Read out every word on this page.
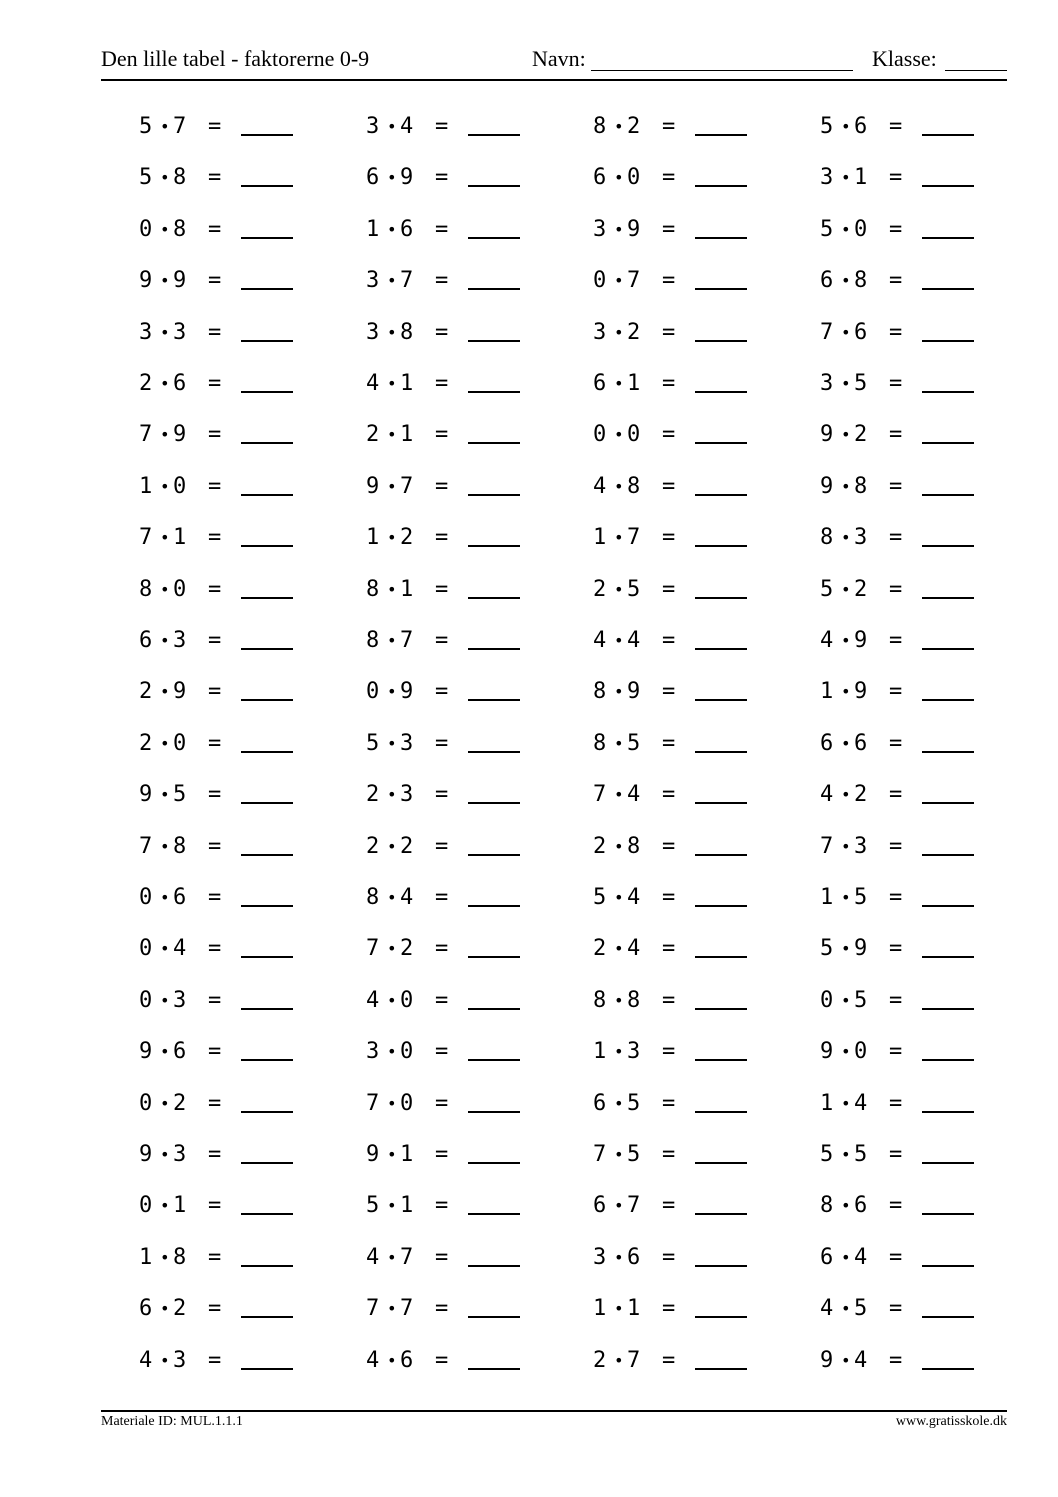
Den lille tabel - faktorerne 0-9	Navn:	Klasse:
5 • 7 =	3 • 4 =	8 • 2 =	5 • 6 =
5 • 8 =	6 • 9 =	6 • 0 =	3 • 1 =
0 • 8 =	1 • 6 =	3 • 9 =	5 • 0 =
9 • 9 =	3 • 7 =	0 • 7 =	6 • 8 =
3 • 3 =	3 • 8 =	3 • 2 =	7 • 6 =
2 • 6 =	4 • 1 =	6 • 1 =	3 • 5 =
7 • 9 =	2 • 1 =	0 • 0 =	9 • 2 =
1 • 0 =	9 • 7 =	4 • 8 =	9 • 8 =
7 • 1 =	1 • 2 =	1 • 7 =	8 • 3 =
8 • 0 =	8 • 1 =	2 • 5 =	5 • 2 =
6 • 3 =	8 • 7 =	4 • 4 =	4 • 9 =
2 • 9 =	0 • 9 =	8 • 9 =	1 • 9 =
2 • 0 =	5 • 3 =	8 • 5 =	6 • 6 =
9 • 5 =	2 • 3 =	7 • 4 =	4 • 2 =
7 • 8 =	2 • 2 =	2 • 8 =	7 • 3 =
0 • 6 =	8 • 4 =	5 • 4 =	1 • 5 =
0 • 4 =	7 • 2 =	2 • 4 =	5 • 9 =
0 • 3 =	4 • 0 =	8 • 8 =	0 • 5 =
9 • 6 =	3 • 0 =	1 • 3 =	9 • 0 =
0 • 2 =	7 • 0 =	6 • 5 =	1 • 4 =
9 • 3 =	9 • 1 =	7 • 5 =	5 • 5 =
0 • 1 =	5 • 1 =	6 • 7 =	8 • 6 =
1 • 8 =	4 • 7 =	3 • 6 =	6 • 4 =
6 • 2 =	7 • 7 =	1 • 1 =	4 • 5 =
4 • 3 =	4 • 6 =	2 • 7 =	9 • 4 =
Materiale ID: MUL.1.1.1	www.gratisskole.dk
